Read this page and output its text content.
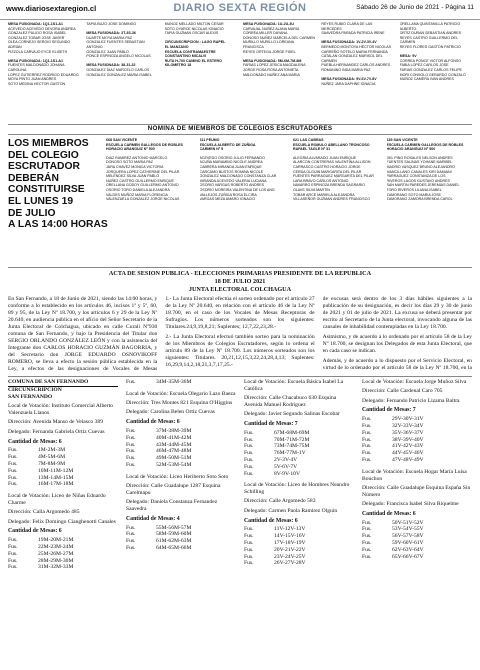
www.diariosextaregion.cl	DIARIO SEXTA REGIÓN	Sábado 26 de Junio de 2021 - Página 11
MESA FUSIONADA: 1Q1-1S1-A1
ACEVEDO ACEVEDO DEVORA ANDREA
GONZALEZ PULIDO ROSA ISABEL
GONZALEZ TOBAR JOSE JAVIER
OLEA CORNEJO SERGIO SEGUNDO ADRIAN
PIZZOLA CARVAJO EYCE ELISETH

MESA FUSIONADA: 1Q1-1S1-A1
FUENTES MALDONADO JOHANA CAROLINA
LOPEZ GUTIERREZ RODRIGO EDUARDO
MOYA PINTO JUAN ANDRES
SOTO MEDINA HECTOR GASTON
TAPIA BUZO JOSE DOMINGO

MESA FUSIONADA: 3T-3S-36
DUARTE MOYA MARIA PAZ
GONZALEZ FUENTES SEBASTIAN ANTONIO
GONZALEZ JUAN PABLO
PONCE ESPINOZA ANGELO NICOLAS

MESA FUSIONADA: 38-31-32
GONZALEZ DIAZ MARCELO CARLOS
GONZALEZ GONZALEZ MARIA ISABEL
MUNOZ MELLADO MILTON CESAR
SOTO OYARCE NICOLAS IGNACIO
TAPIA GUZMAN OSCAR ALEXIS

CIRCUNSCRIPCION : LAGO RAPEL
EL MANZANO
ESCUELA CONTRAMAESTRE
CONSTANTINO MICALVI
RUTA H-700 CAMINO EL ESTERO
KILOMETRO 18
MESA FUSIONADA: 1U-2U-3U
CARVAJAL NUÑEZ ALANA MARIA
CORREA MILLER DAYANA
DONOSO NUÑEZ MARCELA DEL CARMEN
MURILLO MURILLO LOREANA FRANCISCA
REYES ORTEGA JORGE FIDEL

MESA FUSIONADA: 5M-6M-7M-8M
FARIAS LOPEZ JESICA MAGDALENA
JORGE ROSA ROSA ANTONIETA
MALDONADO NUÑEZ ANA MARIA
REYES RUBIO CLARA DE LAS MERCEDES
SAAVEDRA PARADA PATRICIA IRENE

MESA FUSIONADA: 1V-2V-3V-4V
BERMEDO MONTOYA HECTOR NICOLAS
CARREÑO SOTELO MARIA FERNANDA
CATALAN GONZALEZ MARISOL DEL CARMEN
PUEBLA HERNANDEZ CARLOS ANDRES
ROMANINO INDA MARIA PAZ

MESA FUSIONADA: 5V-6V-7V-8V
NUÑEZ JARA DAPHNE IGNACIA
ORELLANA QUINTANILLA PATRICIO ALBERTO
ORTIZ DURAN SEBASTIAN ANDRES
REYES CASTRO GUILLERMO DEL CARMEN
REYES FLORES GASTON PATRICIO

MESA: 9V
CORREA PONCE VICTOR ALFONSO
FABIA LOPEZ CARLOS JOSE
FARIAS GONZALEZ CARLOS FELIPE
MORI CONSOLO GERARDO GONZALO
MUÑOZ CAMERA IVAN ANDRES
NOMINA DE MIEMBROS DE COLEGIOS ESCRUTADORES
LOS MIEMBROS
DEL COLEGIO
ESCRUTADOR
DEBERÁN
CONSTITUIRSE
EL LUNES 19
DE JULIO
A LAS 14:00 HORAS
668 SAN VICENTE
ESCUELA CARMEN GALLEGOS DE ROBLES
HORACIO ARANGUIZ Nº 500
DIAZ RAMIREZ ANTONIO MARCELO
DONOSO SOTO MARIA PAZ
JARA CHAVEZ MONICA VICTORIA
JORQUERA LOPEZ CATHERINE DEL PILAR
MELENDEZ SILVA JUAN PABLO
NUÑEZ CASTRO GUILLERMO ENRIQUE
ORELLANA GODOY GUILLERMO ANTONIO
OSORIO TORO DANIELA ALEJANDRA
VALDES MUÑOZ MARIA FLORENCIA
VALENZUELA GONZALEZ JORGE NICOLAS
611 PEUMO
ESCUELA ALBERTO DE ZUÑIGA
CARMEN Nº 5
ACEVEDO OSORIO JULIO FERNANDO
ACUÑA MARAMBIO NICOLE ANDREA
CABRERA MIRANDA JUAN ENRIQUE
CARCAMO BUSTOS ROMINA NICOLE
GONZALEZ MALDONADO CONSTANZA CLAR
MIRANDA ACEVEDO VALERIA LUCIANA
OSORIO VARGAS ROBERTO ANDRES
OSORIO MOREIRA VALENTINA DE LOS ANG
VALLEJOS ZUÑIGA ROSA ELCIRA
VARGAS MEZA AMARO IGNACIO
621 LAS CABRAS
ESCUELA ROMULO ABELLANO TRONCOSO
RAFAEL TAGLE Nº 31
ALEGRIA ALVARADO JUAN ENRIQUE
ALARCON CONTRERAS VALENTINA ALLISON
CARRASCO CASTRO HORACIO JORGE
CERDA OLGUIN MARGARITA DEL PILAR
FUENTES PARRAGUEZ MARGARITA DEL PILAR
LARA BRAVO CARLOS ANTONIO
NAVARRO ESPINOZA BRENDA SAGRARIO
OLAVE SILVA MARTIN
TOBAR ARCE MARIELA ALEJANDRA
VILLASEÑOR GUZMAN ANDRES FRANCISCO
639 SAN VICENTE
ESCUELA CARMEN GALLEGOS DE ROBLES
HORACIO ARANGUIZ Nº 500
DEL PINO ROSALES NELSON ANDRES
FUENTES SALINAS YOHANE MARIBEL
MADRID VASQUEZ BRUNO ALEJANDRO
MANCILLANO CANALES KIRI DAMIANI
PARRAGUEZ CONSTANZA DE LOS
RIVEROS LAGOS GUSTAVO ANDRES
SAN MARTIN PAREDES JEREMIAS DANIEL
TORO RIVEROS LILIANA ISABEL
ZAMORANO SOTO MARIA JOSE
ZAMORANO ZAMORA BRENDA CAROL
ACTA DE SESION PUBLICA - ELECCIONES PRIMARIAS PRESIDENTE DE LA REPUBLICA
18 DE JULIO 2021
JUNTA ELECTORAL COLCHAGUA

En San Fernando, a 18 de Junio de 2021, siendo las 14:00 horas, y conforme a lo establecido en los artículos 46, incisos 1º y 5º, 60, 89 y 95, de la Ley Nº 18.700, y los artículos 6 y 29 de la Ley Nº 20.640, en audiencia pública en el afício del Señor Secretario de la Junta Electoral de Colchagua, ubicado en calle Curali Nº930 comuna de San Fernando, y bajo la Presidencia del Titular don SERGIO ORLANDO GONZÁLEZ LEÓN y con la asistencia del Integrante don CARLOS HORACIO GUZMÁN BAGORRIA, y del Secretario don JORGE EDUARDO OSNOVIKOFF ROMERO, se lleva a efecto la sesión pública establecida en la Ley, a efectos de las designaciones de Vocales de Mesas

1.- La Junta Electoral efectúa el sorteo ordenado por el artículo 27 de la Ley Nº 20.640, en relación con el artículo 46 de la Ley Nº 18.700, en el caso de los Vocales de Mesas Receptoras de Sufragios. Los números sorteados son los siguientes: Titulares.24,9,19,8,21; Suplentes; 12,7,22,23,28.-

2.- La Junta Electoral efectuó también sorteo para la nominación de los Miembros de Colegios Escrutadores, según lo ordena el artículo 89 de la Ley Nº 18.700. Los números sorteados son los siguientes: Titulares. 20,21,12,15,3,22,24,28,4,13; Suplentes: 16,29,9,14,2,18,21,3,7,17,25.-

de excusas será dentro de los 3 días hábiles siguientes a la publicación de su designación, es decir los días 29 y 30 de junio de 2021 y 01 de julio de 2021. La excusa se deberá presentar por escrito al Secretario de la Junta electoral, invocando alguna de las causales de inhabilidad contempladas en la Ley 18.700.

Asimismo, y de acuerdo a lo ordenado por el artículo 58 de la Ley Nº 18.700, se designan los Delegados de esta Junta Electoral, que en cada caso se indican.

Además, y de acuerdo a lo dispuesto por el Servicio Electoral, en virtud de lo ordenado por el artículo 58 de la Ley Nº 18.700, en la

COMUNA DE SAN FERNANDO
CIRCUNSCRIPCIÓN
SAN FERNANDO

Local de Votación: Instituto Comercial Alberto Valenzuela Llanos

Dirección: Avenida Manso de Velasco 389

Delegado: Fernanda Gabriela Ortiz Cuevas

Cantidad de Mesas: 6
Fus.	1M-2M-3M
Fus.	4M-5M-6M
Fus.	7M-8M-9M
Fus.	10M-11M-12M
Fus.	13M-14M-15M
Fus.	16M-17M-18M

Local de Votación: Liceo de Niñas Eduardo Charme

Dirección: Calla Argomedo 485

Delegado: Felix Domingo Cianghenotti Canales

Cantidad de Mesas: 6
Fus.	19M-20M-21M
Fus.	22M-23M-24M
Fus.	25M-26M-27M
Fus.	28M-29M-30M
Fus.	31M-32M-33M
Fus.	34M-35M-36M

Local de Votación: Escuela Olegario Lazo Baeza

Dirección: Tres Montes 821 Esquina O'Higgins

Delegado: Carolina Belen Ortiz Cuevas

Cantidad de Mesas: 6
Fus.	37M-38M-39M
Fus.	40M-41M-42M
Fus.	43M-44M-45M
Fus.	46M-47M-48M
Fus.	49M-50M-51M
Fus.	52M-53M-54M

Local de Votación: Liceo Heriberto Soto Soto

Dirección: Calle Guadalupe 1287 Esquina Carelmapu

Delegado: Daniela Constanza Fernandez Saavedra

Cantidad de Mesas: 4
Fus.	55M-56M-57M
Fus.	58M-59M-60M
Fus.	61M-62M-63M
Fus.	64M-65M-66M

Local de Votación: Escuela Básica Isabel La Católica

Dirección: Calle Chacabuco 630 Esquina Avenida Manuel Rodriguez

Delegado: Javier Segundo Salinas Escobar

Cantidad de Mesas: 7
Fus.	67M-68M-69M
Fus.	70M-71M-72M
Fus.	73M-74M-75M
Fus.	76M-77M-1V
Fus.	2V-3V-4V
Fus.	5V-6V-7V
Fus.	8V-9V-10V

Local de Votación: Liceo de Hombres Neandro Schilling

Dirección: Calle Argomedo 583

Delegado: Carmen Paola Ramirez Olguín

Cantidad de Mesas: 6
Fus.	11V-12V-13V
Fus.	14V-15V-16V
Fus.	17V-18V-19V
Fus.	20V-21V-22V
Fus.	23V-24V-25V
Fus.	26V-27V-28V

Local de Votación: Escuela Jorge Muñoz Silva

Dirección: Calle Cardenal Caro 705

Delegado: Fernando Patricio Lizama Baltra

Cantidad de Mesas: 7
Fus.	29V-30V-31V
Fus.	32V-33V-34V
Fus.	35V-36V-37V
Fus.	38V-39V-40V
Fus.	41V-42V-43V
Fus.	44V-45V-46V
Fus.	47V-48V-49V

Local de Votación: Escuela Hogar María Luisa Bouchon

Dirección: Calle Guadalupe Esquina España Sin Número

Delegado: Francisca Isabel Silva Riquelme

Cantidad de Mesas: 6
Fus.	50V-51V-52V
Fus.	53V-54V-55V
Fus.	56V-57V-58V
Fus.	59V-60V-61V
Fus.	62V-63V-64V
Fus.	65V-66V-67V
